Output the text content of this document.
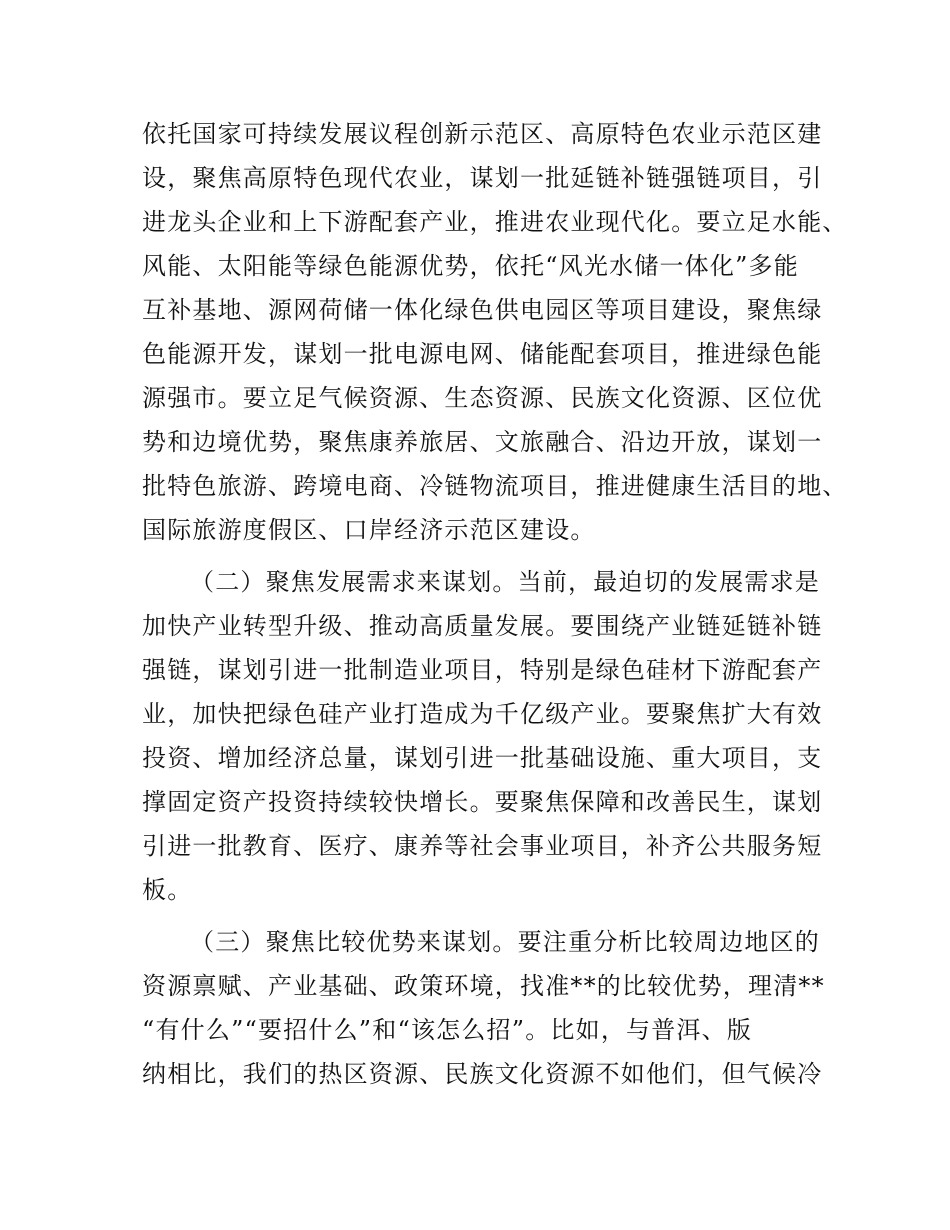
依托国家可持续发展议程创新示范区、高原特色农业示范区建
设，聚焦高原特色现代农业，谋划一批延链补链强链项目，引
进龙头企业和上下游配套产业，推进农业现代化。要立足水能、
风能、太阳能等绿色能源优势，依托“风光水储一体化”多能
互补基地、源网荷储一体化绿色供电园区等项目建设，聚焦绿
色能源开发，谋划一批电源电网、储能配套项目，推进绿色能
源强市。要立足气候资源、生态资源、民族文化资源、区位优
势和边境优势，聚焦康养旅居、文旅融合、沿边开放，谋划一
批特色旅游、跨境电商、冷链物流项目，推进健康生活目的地、
国际旅游度假区、口岸经济示范区建设。
（二）聚焦发展需求来谋划。当前，最迫切的发展需求是
加快产业转型升级、推动高质量发展。要围绕产业链延链补链
强链，谋划引进一批制造业项目，特别是绿色硅材下游配套产
业，加快把绿色硅产业打造成为千亿级产业。要聚焦扩大有效
投资、增加经济总量，谋划引进一批基础设施、重大项目，支
撑固定资产投资持续较快增长。要聚焦保障和改善民生，谋划
引进一批教育、医疗、康养等社会事业项目，补齐公共服务短
板。
（三）聚焦比较优势来谋划。要注重分析比较周边地区的
资源禀赋、产业基础、政策环境，找准**的比较优势，理清**
“有什么”“要招什么”和“该怎么招”。比如，与普洱、版
纳相比，我们的热区资源、民族文化资源不如他们，但气候冷
